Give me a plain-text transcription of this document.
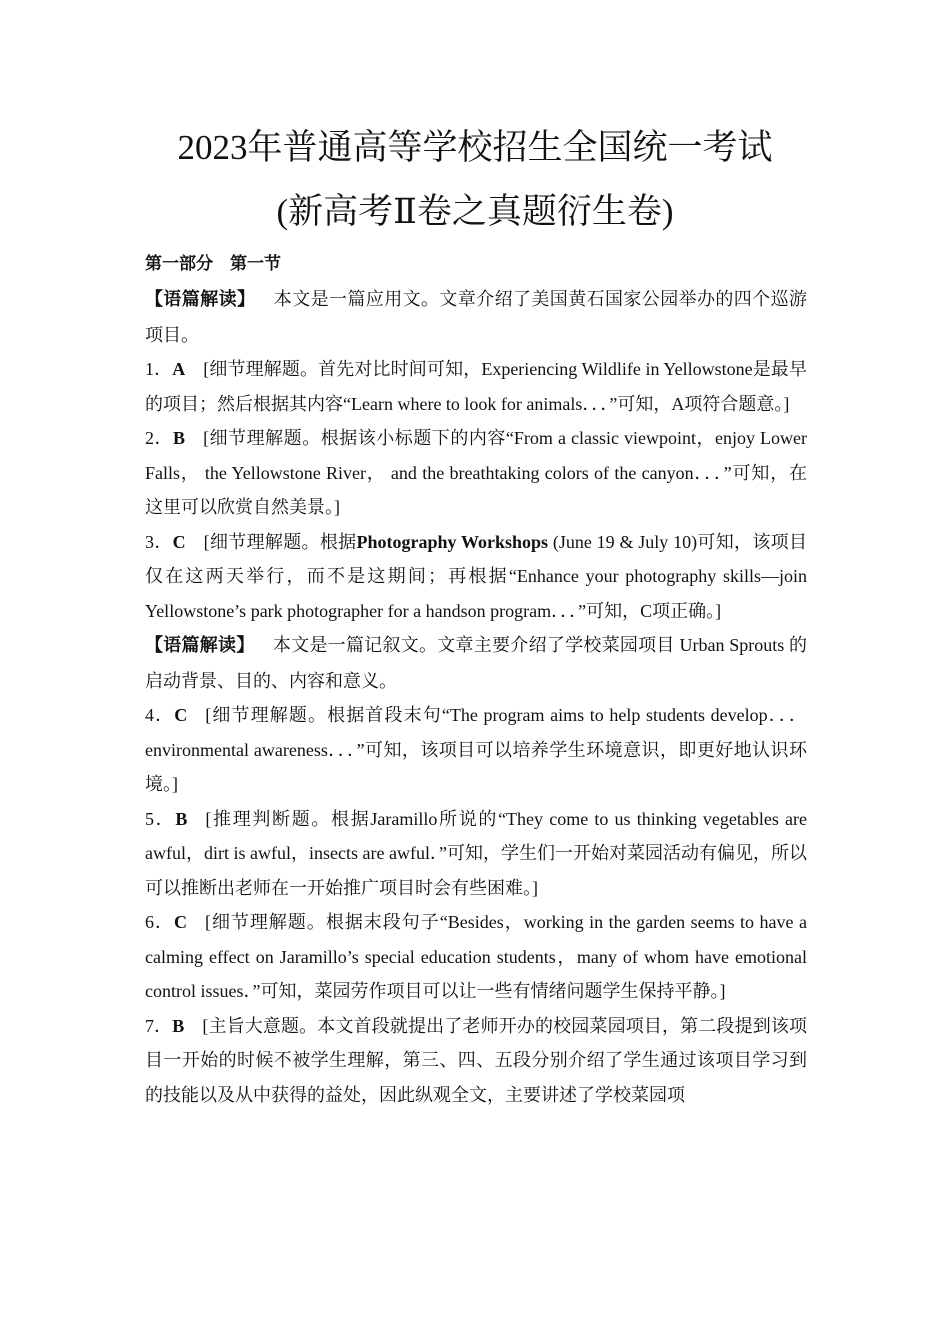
2023年普通高等学校招生全国统一考试
(新高考Ⅱ卷之真题衍生卷)
第一部分　第一节

【语篇解读】 本文是一篇应用文。文章介绍了美国黄石国家公园举办的四个巡游项目。

1．A [细节理解题。首先对比时间可知，Experiencing Wildlife in Yellowstone是最早的项目；然后根据其内容“Learn where to look for animals．．．”可知，A项符合题意。]

2．B [细节理解题。根据该小标题下的内容“From a classic viewpoint，enjoy Lower Falls， the Yellowstone River， and the breathtaking colors of the canyon．．．”可知，在这里可以欣赏自然美景。]

3．C [细节理解题。根据Photography Workshops (June 19 & July 10)可知，该项目仅在这两天举行，而不是这期间；再根据“Enhance your photography skills—join Yellowstone’s park photographer for a handson program．．．”可知，C项正确。]

【语篇解读】 本文是一篇记叙文。文章主要介绍了学校菜园项目 Urban Sprouts 的启动背景、目的、内容和意义。

4．C [细节理解题。根据首段末句“The program aims to help students develop．．．environmental awareness．．．”可知，该项目可以培养学生环境意识，即更好地认识环境。]

5．B [推理判断题。根据Jaramillo所说的“They come to us thinking vegetables are awful，dirt is awful，insects are awful．”可知，学生们一开始对菜园活动有偏见，所以可以推断出老师在一开始推广项目时会有些困难。]

6．C [细节理解题。根据末段句子“Besides，working in the garden seems to have a calming effect on Jaramillo’s special education students，many of whom have emotional control issues．”可知，菜园劳作项目可以让一些有情绪问题学生保持平静。]

7．B [主旨大意题。本文首段就提出了老师开办的校园菜园项目，第二段提到该项目一开始的时候不被学生理解，第三、四、五段分别介绍了学生通过该项目学习到的技能以及从中获得的益处，因此纵观全文，主要讲述了学校菜园项
